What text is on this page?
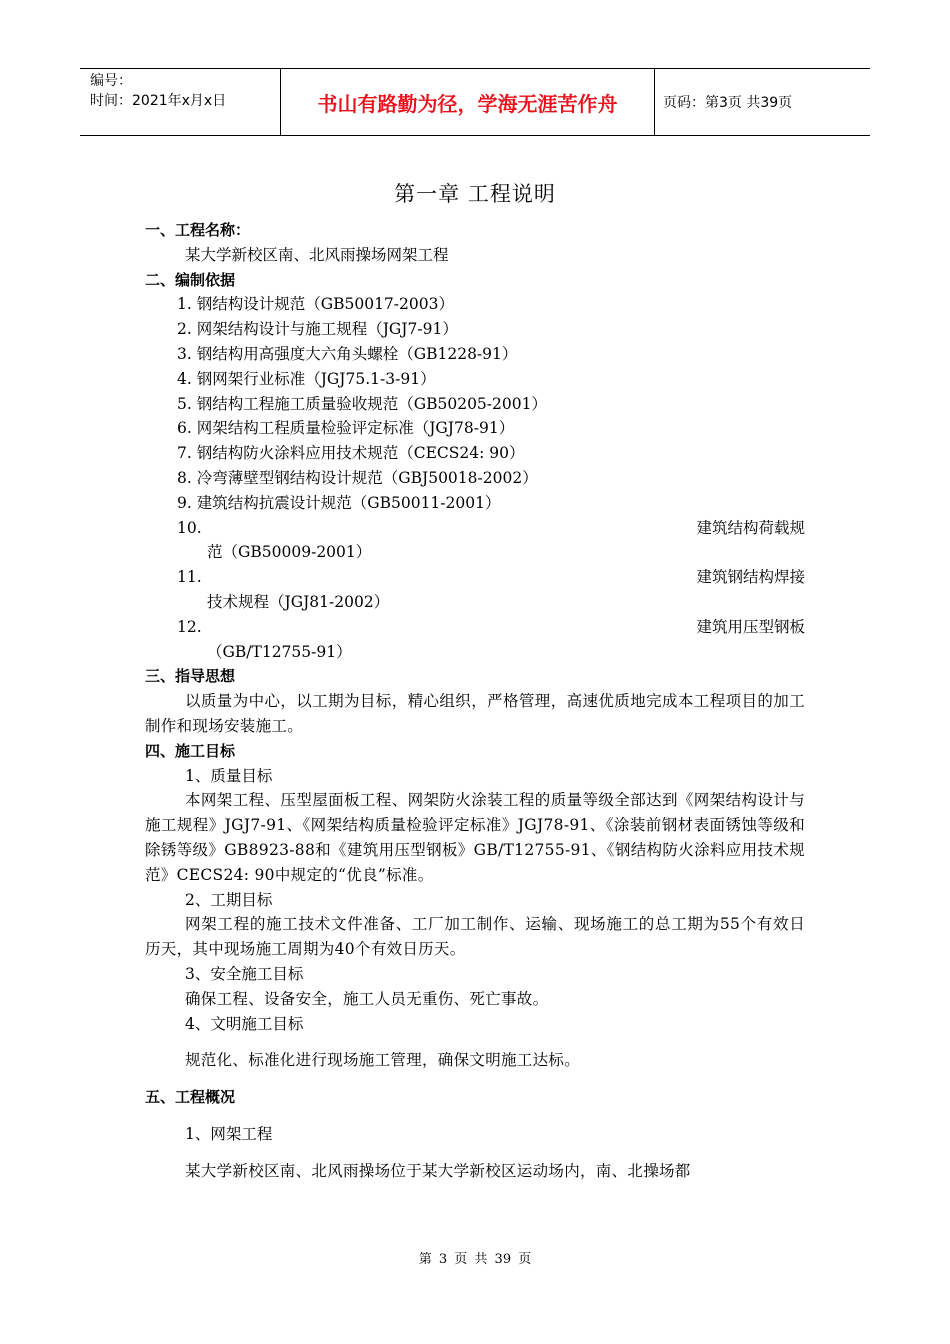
编号：
时间：2021年x月x日	书山有路勤为径，学海无涯苦作舟	页码：第3页 共39页
第一章 工程说明

一、工程名称：

某大学新校区南、北风雨操场网架工程

二、编制依据

1. 钢结构设计规范（GB50017-2003）

2. 网架结构设计与施工规程（JGJ7-91）

3. 钢结构用高强度大六角头螺栓（GB1228-91）

4. 钢网架行业标准（JGJ75.1-3-91）

5. 钢结构工程施工质量验收规范（GB50205-2001）

6. 网架结构工程质量检验评定标准（JGJ78-91）

7. 钢结构防火涂料应用技术规范（CECS24: 90）

8. 冷弯薄壁型钢结构设计规范（GBJ50018-2002）

9. 建筑结构抗震设计规范（GB50011-2001）

10.	建筑结构荷载规

范（GB50009-2001）

11.	建筑钢结构焊接

技术规程（JGJ81-2002）

12.	建筑用压型钢板

（GB/T12755-91）

三、指导思想

以质量为中心，以工期为目标，精心组织，严格管理，高速优质地完成本工程项目的加工制作和现场安装施工。

四、施工目标

1、质量目标

本网架工程、压型屋面板工程、网架防火涂装工程的质量等级全部达到《网架结构设计与施工规程》JGJ7-91、《网架结构质量检验评定标准》JGJ78-91、《涂装前钢材表面锈蚀等级和除锈等级》GB8923-88和《建筑用压型钢板》GB/T12755-91、《钢结构防火涂料应用技术规范》CECS24: 90中规定的“优良”标准。

2、工期目标

网架工程的施工技术文件准备、工厂加工制作、运输、现场施工的总工期为55个有效日历天，其中现场施工周期为40个有效日历天。

3、安全施工目标

确保工程、设备安全，施工人员无重伤、死亡事故。

4、文明施工目标

规范化、标准化进行现场施工管理，确保文明施工达标。

五、工程概况

1、网架工程

某大学新校区南、北风雨操场位于某大学新校区运动场内，南、北操场都

第 3 页 共 39 页
